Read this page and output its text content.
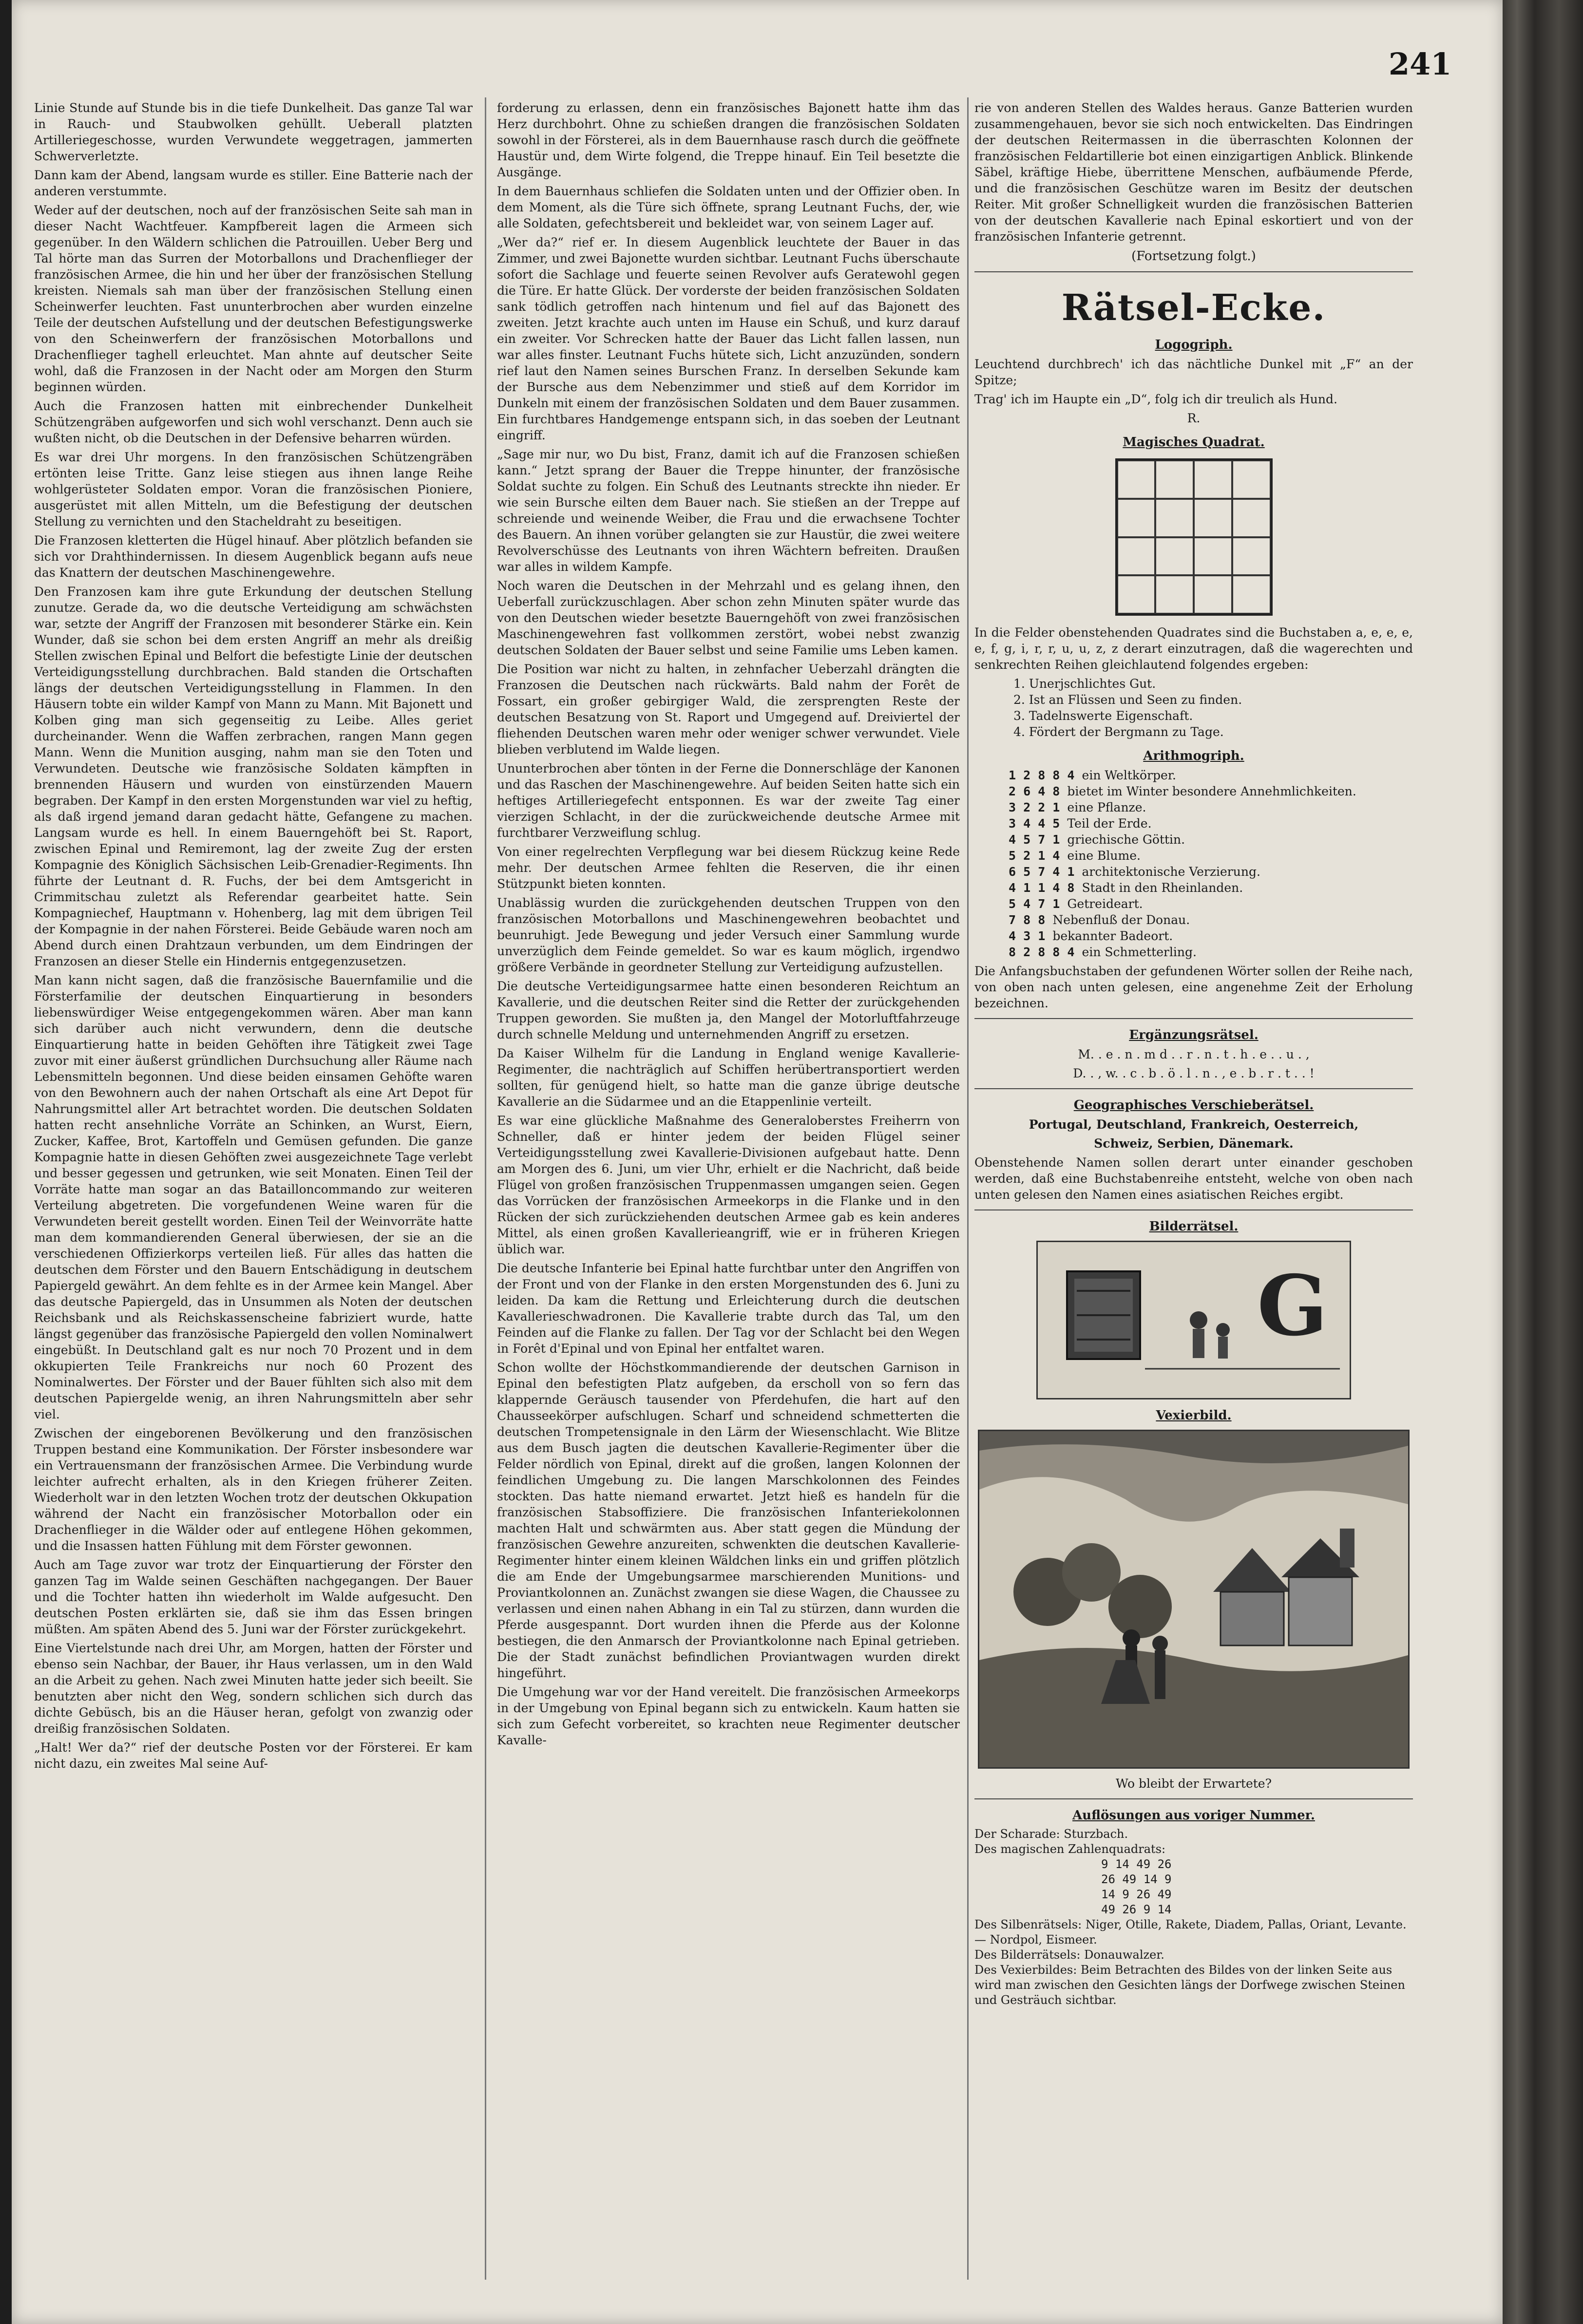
241

Linie Stunde auf Stunde bis in die tiefe Dunkelheit. Das ganze Tal war in Rauch- und Staubwolken gehüllt. Ueberall platzten Artilleriegeschosse, wurden Verwundete weggetragen, jammerten Schwerverletzte.

Dann kam der Abend, langsam wurde es stiller. Eine Batterie nach der anderen verstummte.

Weder auf der deutschen, noch auf der französischen Seite sah man in dieser Nacht Wachtfeuer. Kampfbereit lagen die Armeen sich gegenüber. In den Wäldern schlichen die Patrouillen. Ueber Berg und Tal hörte man das Surren der Motorballons und Drachenflieger der französischen Armee, die hin und her über der französischen Stellung kreisten. Niemals sah man über der französischen Stellung einen Scheinwerfer leuchten. Fast ununterbrochen aber wurden einzelne Teile der deutschen Aufstellung und der deutschen Befestigungswerke von den Scheinwerfern der französischen Motorballons und Drachenflieger taghell erleuchtet. Man ahnte auf deutscher Seite wohl, daß die Franzosen in der Nacht oder am Morgen den Sturm beginnen würden.

Auch die Franzosen hatten mit einbrechender Dunkelheit Schützengräben aufgeworfen und sich wohl verschanzt. Denn auch sie wußten nicht, ob die Deutschen in der Defensive beharren würden.

Es war drei Uhr morgens. In den französischen Schützengräben ertönten leise Tritte. Ganz leise stiegen aus ihnen lange Reihe wohlgerüsteter Soldaten empor. Voran die französischen Pioniere, ausgerüstet mit allen Mitteln, um die Befestigung der deutschen Stellung zu vernichten und den Stacheldraht zu beseitigen.

Die Franzosen kletterten die Hügel hinauf. Aber plötzlich befanden sie sich vor Drahthindernissen. In diesem Augenblick begann aufs neue das Knattern der deutschen Maschinengewehre.

Den Franzosen kam ihre gute Erkundung der deutschen Stellung zunutze. Gerade da, wo die deutsche Verteidigung am schwächsten war, setzte der Angriff der Franzosen mit besonderer Stärke ein. Kein Wunder, daß sie schon bei dem ersten Angriff an mehr als dreißig Stellen zwischen Epinal und Belfort die befestigte Linie der deutschen Verteidigungsstellung durchbrachen. Bald standen die Ortschaften längs der deutschen Verteidigungsstellung in Flammen. In den Häusern tobte ein wilder Kampf von Mann zu Mann. Mit Bajonett und Kolben ging man sich gegenseitig zu Leibe. Alles geriet durcheinander. Wenn die Waffen zerbrachen, rangen Mann gegen Mann. Wenn die Munition ausging, nahm man sie den Toten und Verwundeten. Deutsche wie französische Soldaten kämpften in brennenden Häusern und wurden von einstürzenden Mauern begraben. Der Kampf in den ersten Morgenstunden war viel zu heftig, als daß irgend jemand daran gedacht hätte, Gefangene zu machen. Langsam wurde es hell. In einem Bauerngehöft bei St. Raport, zwischen Epinal und Remiremont, lag der zweite Zug der ersten Kompagnie des Königlich Sächsischen Leib-Grenadier-Regiments. Ihn führte der Leutnant d. R. Fuchs, der bei dem Amtsgericht in Crimmitschau zuletzt als Referendar gearbeitet hatte. Sein Kompagniechef, Hauptmann v. Hohenberg, lag mit dem übrigen Teil der Kompagnie in der nahen Försterei. Beide Gebäude waren noch am Abend durch einen Drahtzaun verbunden, um dem Eindringen der Franzosen an dieser Stelle ein Hindernis entgegenzusetzen.

Man kann nicht sagen, daß die französische Bauernfamilie und die Försterfamilie der deutschen Einquartierung in besonders liebenswürdiger Weise entgegengekommen wären. Aber man kann sich darüber auch nicht verwundern, denn die deutsche Einquartierung hatte in beiden Gehöften ihre Tätigkeit zwei Tage zuvor mit einer äußerst gründlichen Durchsuchung aller Räume nach Lebensmitteln begonnen. Und diese beiden einsamen Gehöfte waren von den Bewohnern auch der nahen Ortschaft als eine Art Depot für Nahrungsmittel aller Art betrachtet worden. Die deutschen Soldaten hatten recht ansehnliche Vorräte an Schinken, an Wurst, Eiern, Zucker, Kaffee, Brot, Kartoffeln und Gemüsen gefunden. Die ganze Kompagnie hatte in diesen Gehöften zwei ausgezeichnete Tage verlebt und besser gegessen und getrunken, wie seit Monaten. Einen Teil der Vorräte hatte man sogar an das Batailloncommando zur weiteren Verteilung abgetreten. Die vorgefundenen Weine waren für die Verwundeten bereit gestellt worden. Einen Teil der Weinvorräte hatte man dem kommandierenden General überwiesen, der sie an die verschiedenen Offizierkorps verteilen ließ. Für alles das hatten die deutschen dem Förster und den Bauern Entschädigung in deutschem Papiergeld gewährt. An dem fehlte es in der Armee kein Mangel. Aber das deutsche Papiergeld, das in Unsummen als Noten der deutschen Reichsbank und als Reichskassenscheine fabriziert wurde, hatte längst gegenüber das französische Papiergeld den vollen Nominalwert eingebüßt. In Deutschland galt es nur noch 70 Prozent und in dem okkupierten Teile Frankreichs nur noch 60 Prozent des Nominalwertes. Der Förster und der Bauer fühlten sich also mit dem deutschen Papiergelde wenig, an ihren Nahrungsmitteln aber sehr viel.

Zwischen der eingeborenen Bevölkerung und den französischen Truppen bestand eine Kommunikation. Der Förster insbesondere war ein Vertrauensmann der französischen Armee. Die Verbindung wurde leichter aufrecht erhalten, als in den Kriegen früherer Zeiten. Wiederholt war in den letzten Wochen trotz der deutschen Okkupation während der Nacht ein französischer Motorballon oder ein Drachenflieger in die Wälder oder auf entlegene Höhen gekommen, und die Insassen hatten Fühlung mit dem Förster gewonnen.

Auch am Tage zuvor war trotz der Einquartierung der Förster den ganzen Tag im Walde seinen Geschäften nachgegangen. Der Bauer und die Tochter hatten ihn wiederholt im Walde aufgesucht. Den deutschen Posten erklärten sie, daß sie ihm das Essen bringen müßten. Am späten Abend des 5. Juni war der Förster zurückgekehrt.

Eine Viertelstunde nach drei Uhr, am Morgen, hatten der Förster und ebenso sein Nachbar, der Bauer, ihr Haus verlassen, um in den Wald an die Arbeit zu gehen. Nach zwei Minuten hatte jeder sich beeilt. Sie benutzten aber nicht den Weg, sondern schlichen sich durch das dichte Gebüsch, bis an die Häuser heran, gefolgt von zwanzig oder dreißig französischen Soldaten.

„Halt! Wer da?“ rief der deutsche Posten vor der Försterei. Er kam nicht dazu, ein zweites Mal seine Auf-

forderung zu erlassen, denn ein französisches Bajonett hatte ihm das Herz durchbohrt. Ohne zu schießen drangen die französischen Soldaten sowohl in der Försterei, als in dem Bauernhause rasch durch die geöffnete Haustür und, dem Wirte folgend, die Treppe hinauf. Ein Teil besetzte die Ausgänge.

In dem Bauernhaus schliefen die Soldaten unten und der Offizier oben. In dem Moment, als die Türe sich öffnete, sprang Leutnant Fuchs, der, wie alle Soldaten, gefechtsbereit und bekleidet war, von seinem Lager auf.

„Wer da?“ rief er. In diesem Augenblick leuchtete der Bauer in das Zimmer, und zwei Bajonette wurden sichtbar. Leutnant Fuchs überschaute sofort die Sachlage und feuerte seinen Revolver aufs Geratewohl gegen die Türe. Er hatte Glück. Der vorderste der beiden französischen Soldaten sank tödlich getroffen nach hintenum und fiel auf das Bajonett des zweiten. Jetzt krachte auch unten im Hause ein Schuß, und kurz darauf ein zweiter. Vor Schrecken hatte der Bauer das Licht fallen lassen, nun war alles finster. Leutnant Fuchs hütete sich, Licht anzuzünden, sondern rief laut den Namen seines Burschen Franz. In derselben Sekunde kam der Bursche aus dem Nebenzimmer und stieß auf dem Korridor im Dunkeln mit einem der französischen Soldaten und dem Bauer zusammen. Ein furchtbares Handgemenge entspann sich, in das soeben der Leutnant eingriff.

„Sage mir nur, wo Du bist, Franz, damit ich auf die Franzosen schießen kann.“ Jetzt sprang der Bauer die Treppe hinunter, der französische Soldat suchte zu folgen. Ein Schuß des Leutnants streckte ihn nieder. Er wie sein Bursche eilten dem Bauer nach. Sie stießen an der Treppe auf schreiende und weinende Weiber, die Frau und die erwachsene Tochter des Bauern. An ihnen vorüber gelangten sie zur Haustür, die zwei weitere Revolverschüsse des Leutnants von ihren Wächtern befreiten. Draußen war alles in wildem Kampfe.

Noch waren die Deutschen in der Mehrzahl und es gelang ihnen, den Ueberfall zurückzuschlagen. Aber schon zehn Minuten später wurde das von den Deutschen wieder besetzte Bauerngehöft von zwei französischen Maschinengewehren fast vollkommen zerstört, wobei nebst zwanzig deutschen Soldaten der Bauer selbst und seine Familie ums Leben kamen.

Die Position war nicht zu halten, in zehnfacher Ueberzahl drängten die Franzosen die Deutschen nach rückwärts. Bald nahm der Forêt de Fossart, ein großer gebirgiger Wald, die zersprengten Reste der deutschen Besatzung von St. Raport und Umgegend auf. Dreiviertel der fliehenden Deutschen waren mehr oder weniger schwer verwundet. Viele blieben verblutend im Walde liegen.

Ununterbrochen aber tönten in der Ferne die Donnerschläge der Kanonen und das Raschen der Maschinengewehre. Auf beiden Seiten hatte sich ein heftiges Artilleriegefecht entsponnen. Es war der zweite Tag einer vierzigen Schlacht, in der die zurückweichende deutsche Armee mit furchtbarer Verzweiflung schlug.

Von einer regelrechten Verpflegung war bei diesem Rückzug keine Rede mehr. Der deutschen Armee fehlten die Reserven, die ihr einen Stützpunkt bieten konnten.

Unablässig wurden die zurückgehenden deutschen Truppen von den französischen Motorballons und Maschinengewehren beobachtet und beunruhigt. Jede Bewegung und jeder Versuch einer Sammlung wurde unverzüglich dem Feinde gemeldet. So war es kaum möglich, irgendwo größere Verbände in geordneter Stellung zur Verteidigung aufzustellen.

Die deutsche Verteidigungsarmee hatte einen besonderen Reichtum an Kavallerie, und die deutschen Reiter sind die Retter der zurückgehenden Truppen geworden. Sie mußten ja, den Mangel der Motorluftfahrzeuge durch schnelle Meldung und unternehmenden Angriff zu ersetzen.

Da Kaiser Wilhelm für die Landung in England wenige Kavallerie-Regimenter, die nachträglich auf Schiffen herübertransportiert werden sollten, für genügend hielt, so hatte man die ganze übrige deutsche Kavallerie an die Südarmee und an die Etappenlinie verteilt.

Es war eine glückliche Maßnahme des Generaloberstes Freiherrn von Schneller, daß er hinter jedem der beiden Flügel seiner Verteidigungsstellung zwei Kavallerie-Divisionen aufgebaut hatte. Denn am Morgen des 6. Juni, um vier Uhr, erhielt er die Nachricht, daß beide Flügel von großen französischen Truppenmassen umgangen seien. Gegen das Vorrücken der französischen Armeekorps in die Flanke und in den Rücken der sich zurückziehenden deutschen Armee gab es kein anderes Mittel, als einen großen Kavallerieangriff, wie er in früheren Kriegen üblich war.

Die deutsche Infanterie bei Epinal hatte furchtbar unter den Angriffen von der Front und von der Flanke in den ersten Morgenstunden des 6. Juni zu leiden. Da kam die Rettung und Erleichterung durch die deutschen Kavallerieschwadronen. Die Kavallerie trabte durch das Tal, um den Feinden auf die Flanke zu fallen. Der Tag vor der Schlacht bei den Wegen in Forêt d'Epinal und von Epinal her entfaltet waren.

Schon wollte der Höchstkommandierende der deutschen Garnison in Epinal den befestigten Platz aufgeben, da erscholl von so fern das klappernde Geräusch tausender von Pferdehufen, die hart auf den Chausseekörper aufschlugen. Scharf und schneidend schmetterten die deutschen Trompetensignale in den Lärm der Wiesenschlacht. Wie Blitze aus dem Busch jagten die deutschen Kavallerie-Regimenter über die Felder nördlich von Epinal, direkt auf die großen, langen Kolonnen der feindlichen Umgebung zu. Die langen Marschkolonnen des Feindes stockten. Das hatte niemand erwartet. Jetzt hieß es handeln für die französischen Stabsoffiziere. Die französischen Infanteriekolonnen machten Halt und schwärmten aus. Aber statt gegen die Mündung der französischen Gewehre anzureiten, schwenkten die deutschen Kavallerie-Regimenter hinter einem kleinen Wäldchen links ein und griffen plötzlich die am Ende der Umgebungsarmee marschierenden Munitions- und Proviantkolonnen an. Zunächst zwangen sie diese Wagen, die Chaussee zu verlassen und einen nahen Abhang in ein Tal zu stürzen, dann wurden die Pferde ausgespannt. Dort wurden ihnen die Pferde aus der Kolonne bestiegen, die den Anmarsch der Proviantkolonne nach Epinal getrieben. Die der Stadt zunächst befindlichen Proviantwagen wurden direkt hingeführt.

Die Umgehung war vor der Hand vereitelt. Die französischen Armeekorps in der Umgebung von Epinal begann sich zu entwickeln. Kaum hatten sie sich zum Gefecht vorbereitet, so krachten neue Regimenter deutscher Kavalle-

rie von anderen Stellen des Waldes heraus. Ganze Batterien wurden zusammengehauen, bevor sie sich noch entwickelten. Das Eindringen der deutschen Reitermassen in die überraschten Kolonnen der französischen Feldartillerie bot einen einzigartigen Anblick. Blinkende Säbel, kräftige Hiebe, überrittene Menschen, aufbäumende Pferde, und die französischen Geschütze waren im Besitz der deutschen Reiter. Mit großer Schnelligkeit wurden die französischen Batterien von der deutschen Kavallerie nach Epinal eskortiert und von der französischen Infanterie getrennt.

(Fortsetzung folgt.)

Rätsel-Ecke.
Logogriph.

Leuchtend durchbrech' ich das nächtliche Dunkel mit „F“ an der Spitze;

Trag' ich im Haupte ein „D“, folg ich dir treulich als Hund.

R.

Magisches Quadrat.

In die Felder obenstehenden Quadrates sind die Buchstaben a, e, e, e, e, f, g, i, r, r, u, u, z, z derart einzutragen, daß die wagerechten und senkrechten Reihen gleichlautend folgendes ergeben:

1. Unerjschlichtes Gut.
2. Ist an Flüssen und Seen zu finden.
3. Tadelnswerte Eigenschaft.
4. Fördert der Bergmann zu Tage.
Arithmogriph.
1 2 8 8 4 ein Weltkörper.
2 6 4 8 bietet im Winter besondere Annehmlichkeiten.
3 2 2 1 eine Pflanze.
3 4 4 5 Teil der Erde.
4 5 7 1 griechische Göttin.
5 2 1 4 eine Blume.
6 5 7 4 1 architektonische Verzierung.
4 1 1 4 8 Stadt in den Rheinlanden.
5 4 7 1 Getreideart.
7 8 8 Nebenfluß der Donau.
4 3 1 bekannter Badeort.
8 2 8 8 4 ein Schmetterling.

Die Anfangsbuchstaben der gefundenen Wörter sollen der Reihe nach, von oben nach unten gelesen, eine angenehme Zeit der Erholung bezeichnen.

Ergänzungsrätsel.

M. . e . n . m d . . r . n . t . h . e . . u . ,

D. . , w. . c . b . ö . l . n . , e . b . r . t . . !

Geographisches Verschieberätsel.

Portugal, Deutschland, Frankreich, Oesterreich,

Schweiz, Serbien, Dänemark.

Obenstehende Namen sollen derart unter einander geschoben werden, daß eine Buchstabenreihe entsteht, welche von oben nach unten gelesen den Namen eines asiatischen Reiches ergibt.

Bilderrätsel.
G
Vexierbild.

Wo bleibt der Erwartete?

Auflösungen aus voriger Nummer.
Der Scharade: Sturzbach.
Des magischen Zahlenquadrats:
9 14 49 26
26 49 14 9
14 9 26 49
49 26 9 14
Des Silbenrätsels: Niger, Otille, Rakete, Diadem, Pallas, Oriant, Levante. — Nordpol, Eismeer.
Des Bilderrätsels: Donauwalzer.
Des Vexierbildes: Beim Betrachten des Bildes von der linken Seite aus wird man zwischen den Gesichten längs der Dorfwege zwischen Steinen und Gesträuch sichtbar.
